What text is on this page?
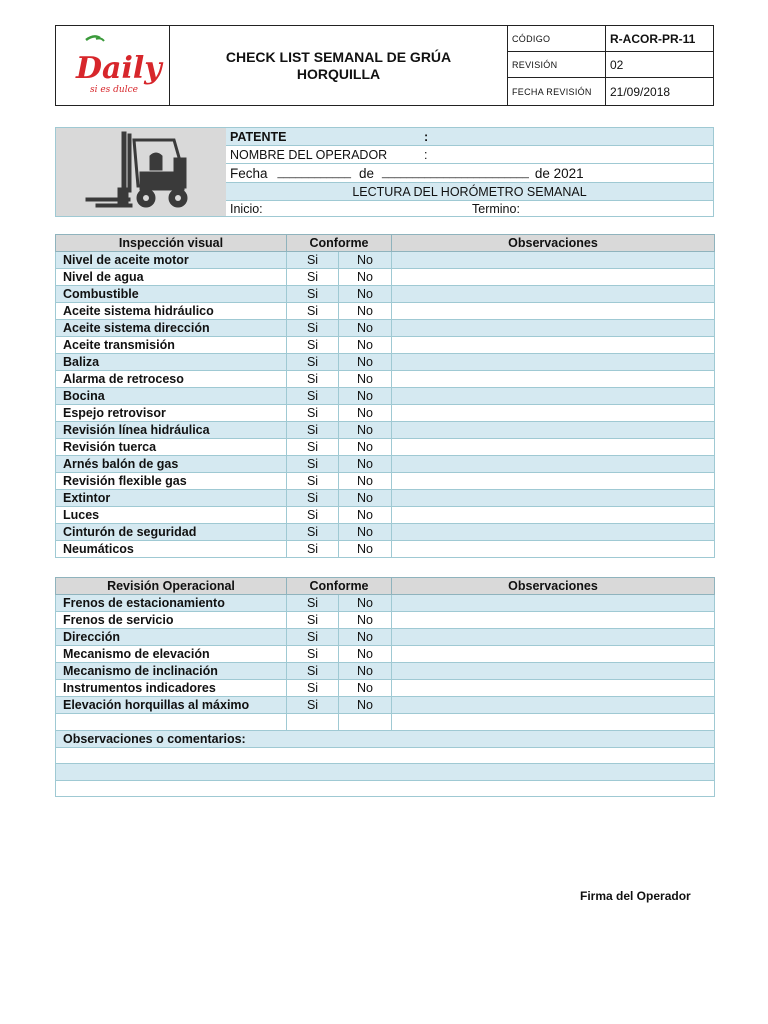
Daily
si es dulce
CHECK LIST SEMANAL DE GRÚA HORQUILLA
CÓDIGO	R-ACOR-PR-11
REVISIÓN	02
FECHA REVISIÓN	21/09/2018
PATENTE	:
NOMBRE DEL OPERADOR	:
Fecha ____________ de ________________________ de 2021
LECTURA DEL HORÓMETRO SEMANAL
Inicio:	Termino:
Inspección visual	Conforme		Observaciones
Nivel de aceite motor	Si	No	
Nivel de agua	Si	No	
Combustible	Si	No	
Aceite sistema hidráulico	Si	No	
Aceite sistema dirección	Si	No	
Aceite transmisión	Si	No	
Baliza	Si	No	
Alarma de retroceso	Si	No	
Bocina	Si	No	
Espejo retrovisor	Si	No	
Revisión línea hidráulica	Si	No	
Revisión tuerca	Si	No	
Arnés balón de gas	Si	No	
Revisión flexible gas	Si	No	
Extintor	Si	No	
Luces	Si	No	
Cinturón de seguridad	Si	No	
Neumáticos	Si	No	
Revisión Operacional	Conforme		Observaciones
Frenos de estacionamiento	Si	No	
Frenos de servicio	Si	No	
Dirección	Si	No	
Mecanismo de elevación	Si	No	
Mecanismo de inclinación	Si	No	
Instrumentos indicadores	Si	No	
Elevación horquillas al máximo	Si	No	

Observaciones o comentarios:			

Firma del Operador
